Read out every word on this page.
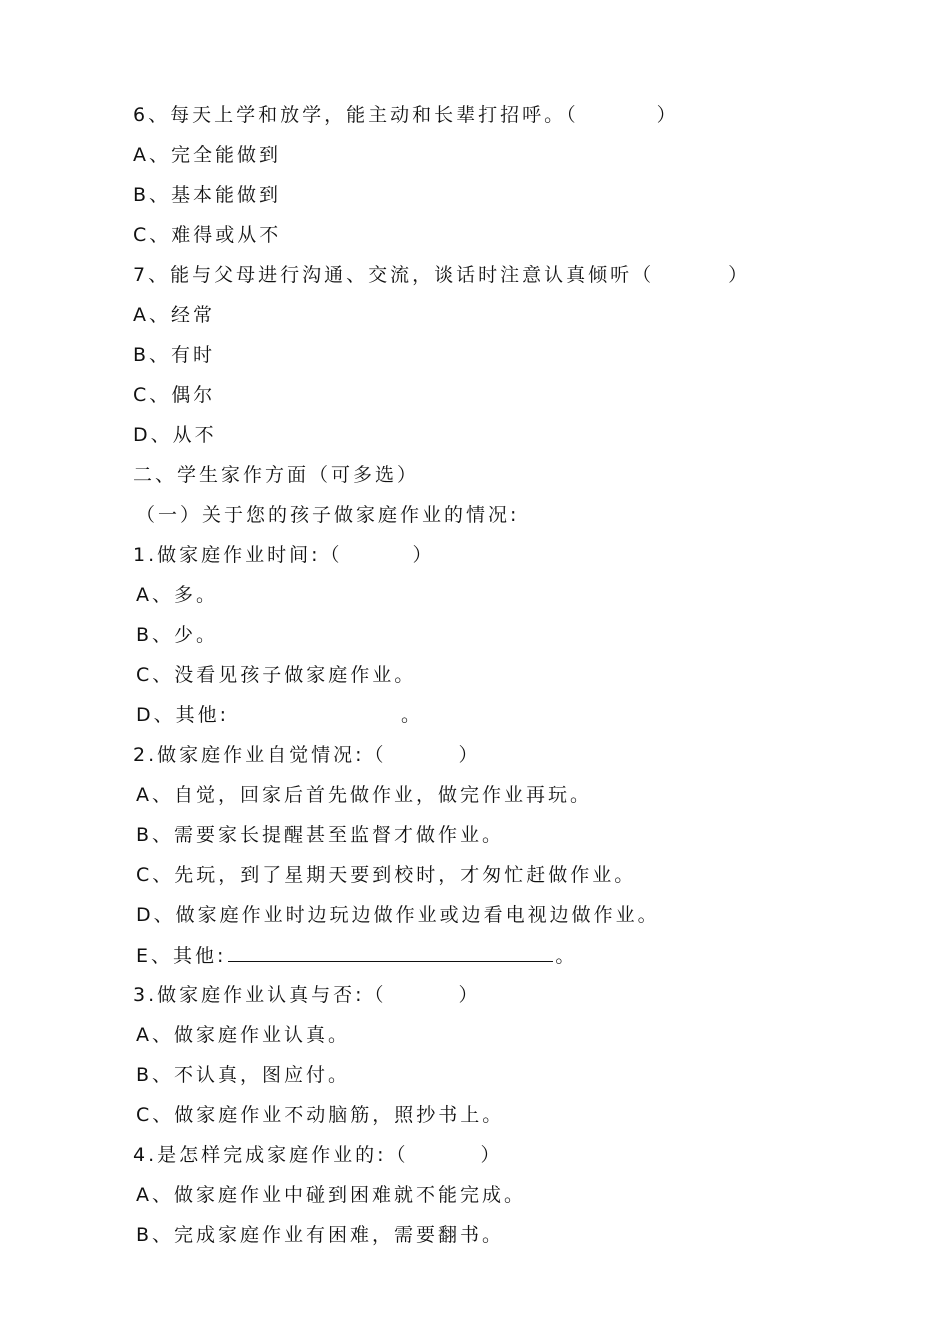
6、每天上学和放学，能主动和长辈打招呼。（	）
A、完全能做到
B、基本能做到
C、难得或从不
7、能与父母进行沟通、交流，谈话时注意认真倾听（	）
A、经常
B、有时
C、偶尔
D、从不
二、学生家作方面（可多选）
（一）关于您的孩子做家庭作业的情况:
1.做家庭作业时间:（	）
A、多。
B、少。
C、没看见孩子做家庭作业。
D、其他:	。
2.做家庭作业自觉情况:（	）
A、自觉，回家后首先做作业，做完作业再玩。
B、需要家长提醒甚至监督才做作业。
C、先玩，到了星期天要到校时，才匆忙赶做作业。
D、做家庭作业时边玩边做作业或边看电视边做作业。
E、其他:	。
3.做家庭作业认真与否:（	）
A、做家庭作业认真。
B、不认真，图应付。
C、做家庭作业不动脑筋，照抄书上。
4.是怎样完成家庭作业的:（	）
A、做家庭作业中碰到困难就不能完成。
B、完成家庭作业有困难，需要翻书。
